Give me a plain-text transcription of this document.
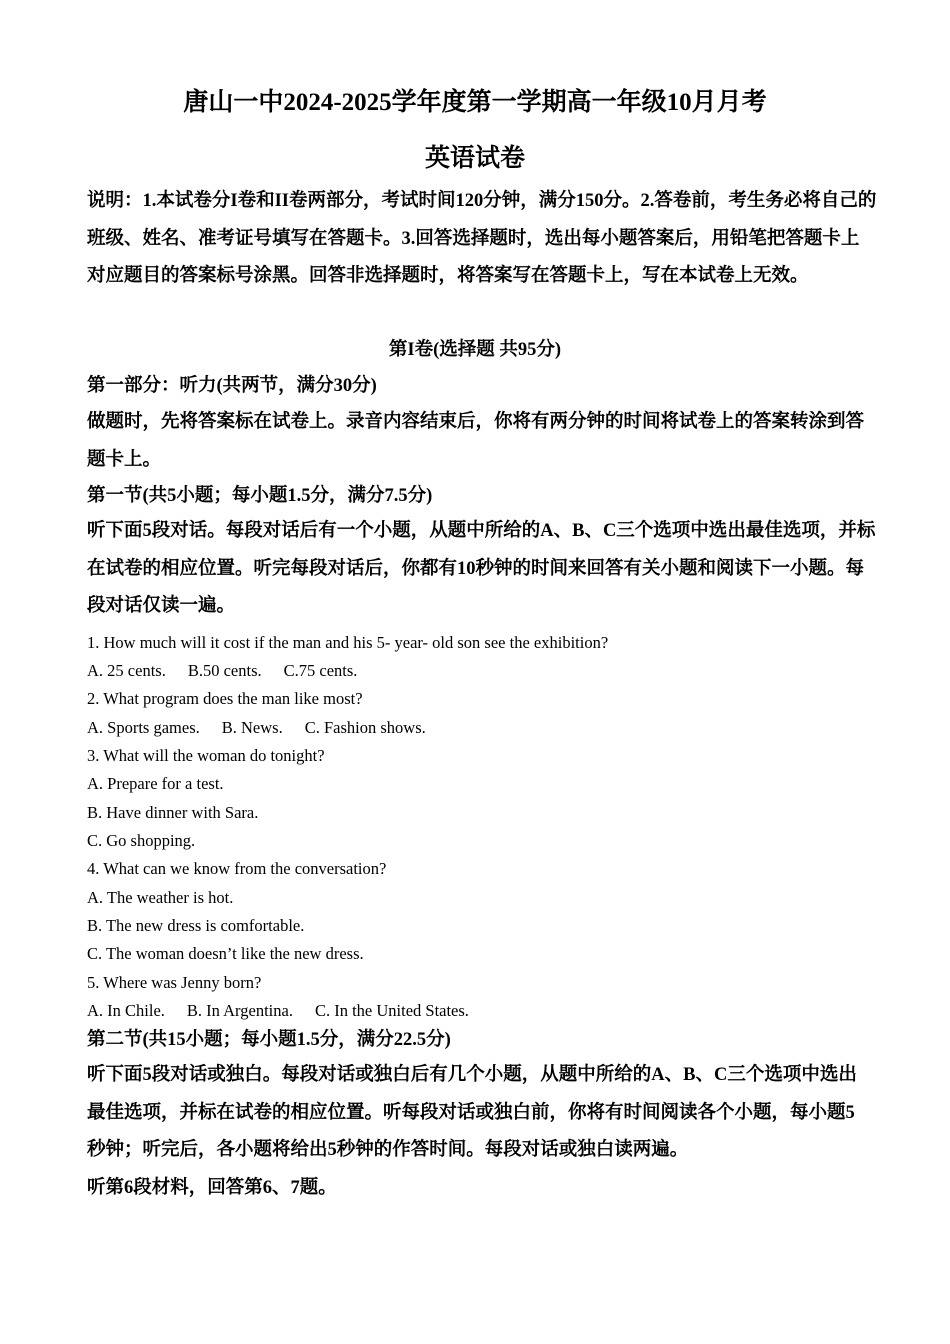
唐山一中2024-2025学年度第一学期高一年级10月月考
英语试卷
说明：1.本试卷分I卷和II卷两部分，考试时间120分钟，满分150分。2.答卷前，考生务必将自己的班级、姓名、准考证号填写在答题卡。3.回答选择题时，选出每小题答案后，用铅笔把答题卡上对应题目的答案标号涂黑。回答非选择题时，将答案写在答题卡上，写在本试卷上无效。
第I卷(选择题 共95分)
第一部分：听力(共两节，满分30分)
做题时，先将答案标在试卷上。录音内容结束后，你将有两分钟的时间将试卷上的答案转涂到答题卡上。
第一节(共5小题；每小题1.5分，满分7.5分)
听下面5段对话。每段对话后有一个小题，从题中所给的A、B、C三个选项中选出最佳选项，并标在试卷的相应位置。听完每段对话后，你都有10秒钟的时间来回答有关小题和阅读下一小题。每段对话仅读一遍。
1. How much will it cost if the man and his 5- year- old son see the exhibition?
A. 25 cents. B.50 cents. C.75 cents.
2. What program does the man like most?
A. Sports games. B. News. C. Fashion shows.
3. What will the woman do tonight?
A. Prepare for a test.
B. Have dinner with Sara.
C. Go shopping.
4. What can we know from the conversation?
A. The weather is hot.
B. The new dress is comfortable.
C. The woman doesn’t like the new dress.
5. Where was Jenny born?
A. In Chile. B. In Argentina. C. In the United States.
第二节(共15小题；每小题1.5分，满分22.5分)
听下面5段对话或独白。每段对话或独白后有几个小题，从题中所给的A、B、C三个选项中选出最佳选项，并标在试卷的相应位置。听每段对话或独白前，你将有时间阅读各个小题，每小题5秒钟；听完后，各小题将给出5秒钟的作答时间。每段对话或独白读两遍。
听第6段材料，回答第6、7题。
